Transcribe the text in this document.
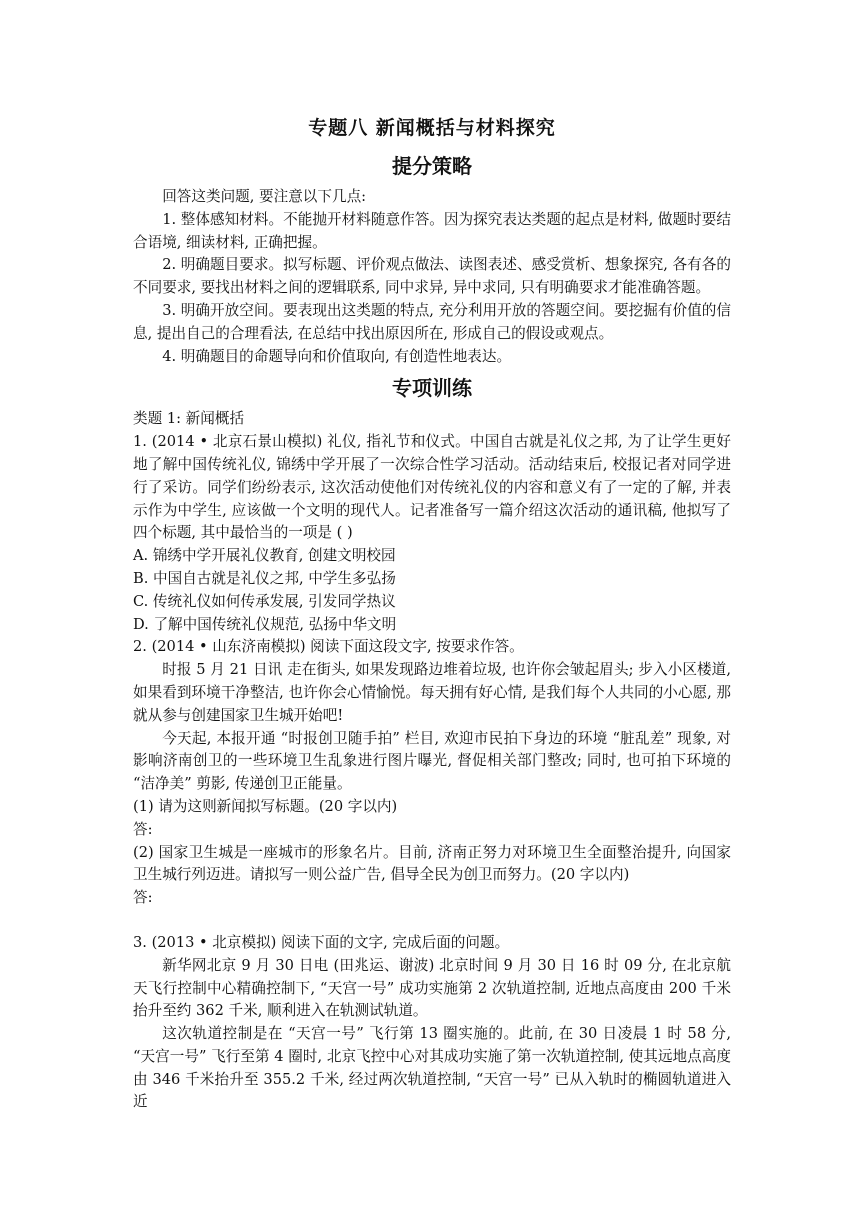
专题八 新闻概括与材料探究
提分策略

回答这类问题, 要注意以下几点:

1. 整体感知材料。不能抛开材料随意作答。因为探究表达类题的起点是材料, 做题时要结合语境, 细读材料, 正确把握。

2. 明确题目要求。拟写标题、评价观点做法、读图表述、感受赏析、想象探究, 各有各的不同要求, 要找出材料之间的逻辑联系, 同中求异, 异中求同, 只有明确要求才能准确答题。

3. 明确开放空间。要表现出这类题的特点, 充分利用开放的答题空间。要挖掘有价值的信息, 提出自己的合理看法, 在总结中找出原因所在, 形成自己的假设或观点。

4. 明确题目的命题导向和价值取向, 有创造性地表达。

专项训练

类题 1: 新闻概括

1. (2014 • 北京石景山模拟) 礼仪, 指礼节和仪式。中国自古就是礼仪之邦, 为了让学生更好地了解中国传统礼仪, 锦绣中学开展了一次综合性学习活动。活动结束后, 校报记者对同学进行了采访。同学们纷纷表示, 这次活动使他们对传统礼仪的内容和意义有了一定的了解, 并表示作为中学生, 应该做一个文明的现代人。记者准备写一篇介绍这次活动的通讯稿, 他拟写了四个标题, 其中最恰当的一项是 ( )

A. 锦绣中学开展礼仪教育, 创建文明校园

B. 中国自古就是礼仪之邦, 中学生多弘扬

C. 传统礼仪如何传承发展, 引发同学热议

D. 了解中国传统礼仪规范, 弘扬中华文明

2. (2014 • 山东济南模拟) 阅读下面这段文字, 按要求作答。

时报 5 月 21 日讯 走在街头, 如果发现路边堆着垃圾, 也许你会皱起眉头; 步入小区楼道, 如果看到环境干净整洁, 也许你会心情愉悦。每天拥有好心情, 是我们每个人共同的小心愿, 那就从参与创建国家卫生城开始吧!

今天起, 本报开通 “时报创卫随手拍” 栏目, 欢迎市民拍下身边的环境 “脏乱差” 现象, 对影响济南创卫的一些环境卫生乱象进行图片曝光, 督促相关部门整改; 同时, 也可拍下环境的 “洁净美” 剪影, 传递创卫正能量。

(1) 请为这则新闻拟写标题。(20 字以内)

答:

(2) 国家卫生城是一座城市的形象名片。目前, 济南正努力对环境卫生全面整治提升, 向国家卫生城行列迈进。请拟写一则公益广告, 倡导全民为创卫而努力。(20 字以内)

答:

3. (2013 • 北京模拟) 阅读下面的文字, 完成后面的问题。

新华网北京 9 月 30 日电 (田兆运、谢波) 北京时间 9 月 30 日 16 时 09 分, 在北京航天飞行控制中心精确控制下, “天宫一号” 成功实施第 2 次轨道控制, 近地点高度由 200 千米抬升至约 362 千米, 顺利进入在轨测试轨道。

这次轨道控制是在 “天宫一号” 飞行第 13 圈实施的。此前, 在 30 日凌晨 1 时 58 分, “天宫一号” 飞行至第 4 圈时, 北京飞控中心对其成功实施了第一次轨道控制, 使其远地点高度由 346 千米抬升至 355.2 千米, 经过两次轨道控制, “天宫一号” 已从入轨时的椭圆轨道进入近
